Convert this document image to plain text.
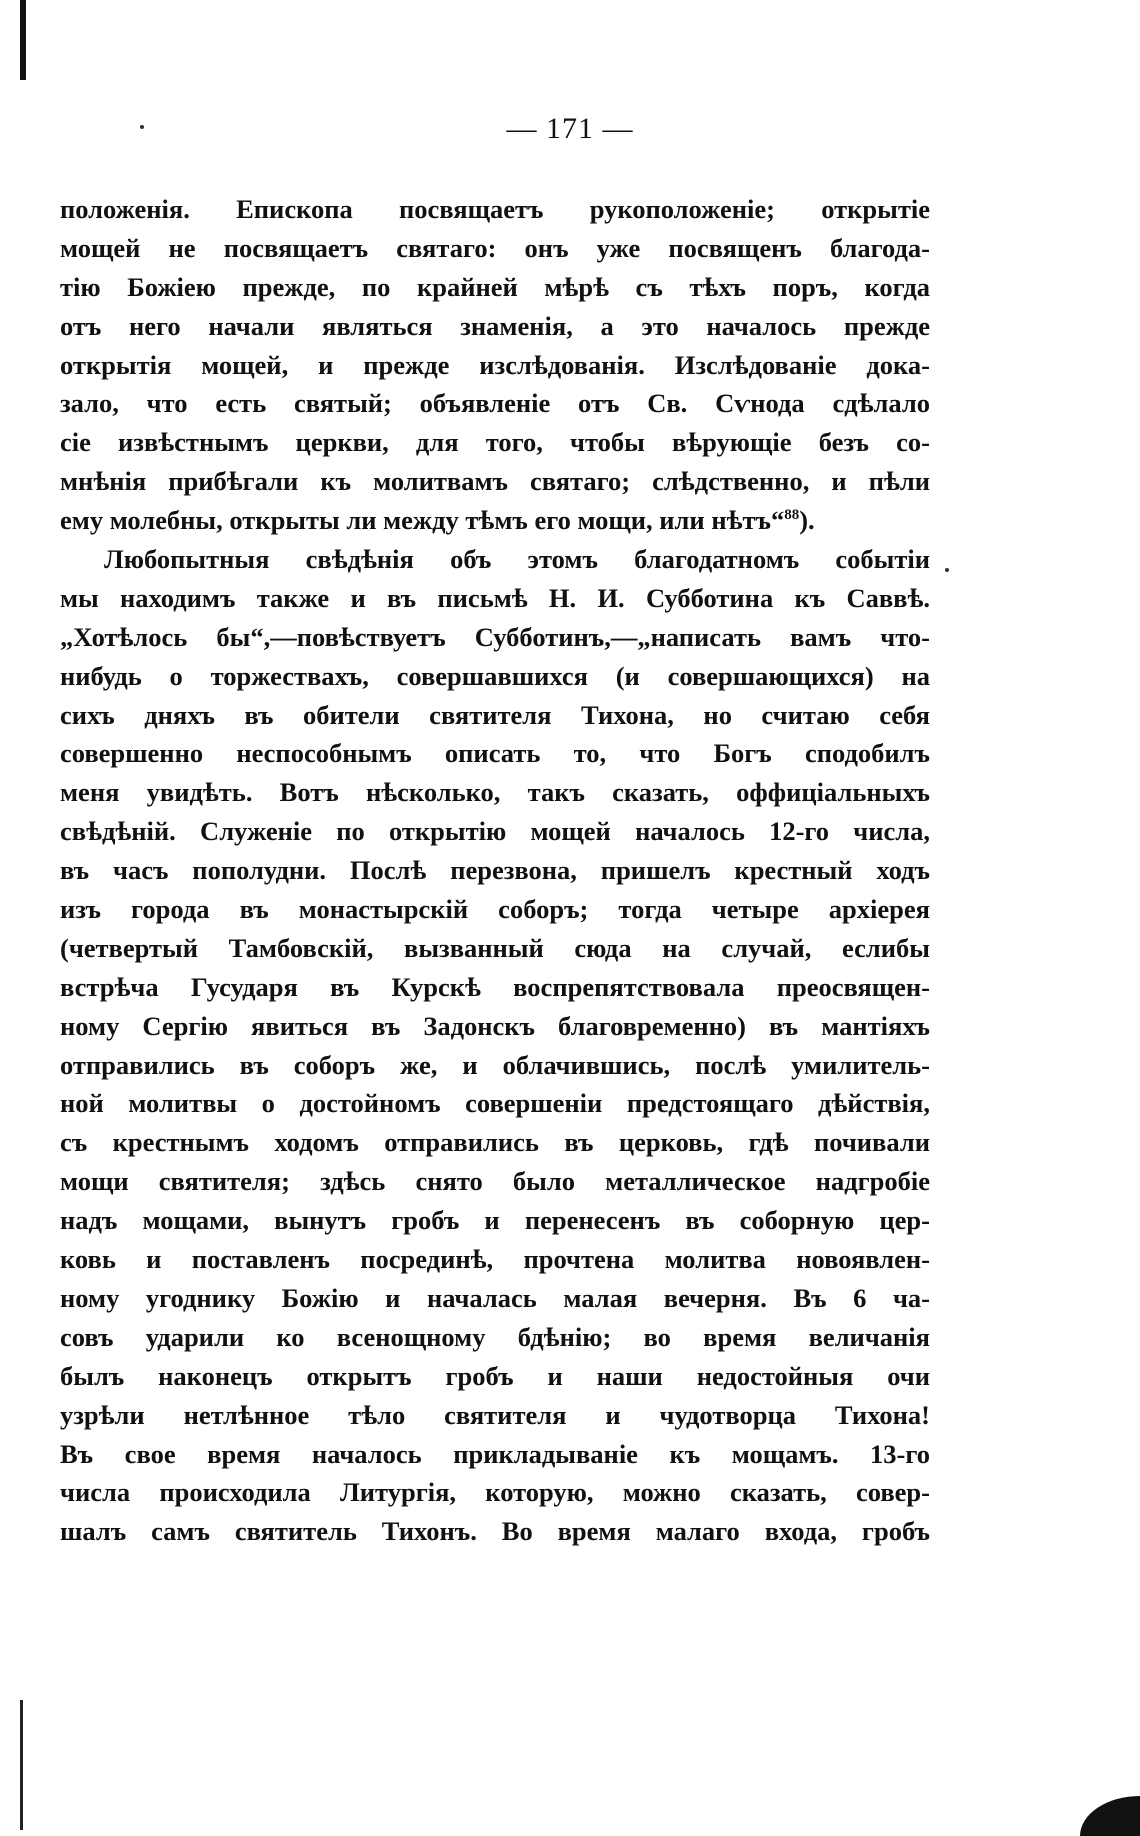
— 171 —
положенія. Епископа посвящаетъ рукоположеніе; открытіе
мощей не посвящаетъ святаго: онъ уже посвященъ благода-
тію Божіею прежде, по крайней мѣрѣ съ тѣхъ поръ, когда
отъ него начали являться знаменія, а это началось прежде
открытія мощей, и прежде изслѣдованія. Изслѣдованіе дока-
зало, что есть святый; объявленіе отъ Св. Сѵнода сдѣлало
сіе извѣстнымъ церкви, для того, чтобы вѣрующіе безъ со-
мнѣнія прибѣгали къ молитвамъ святаго; слѣдственно, и пѣли
ему молебны, открыты ли между тѣмъ его мощи, или нѣтъ“$^{88}$).
Любопытныя свѣдѣнія объ этомъ благодатномъ событіи
мы находимъ также и въ письмѣ Н. И. Субботина къ Саввѣ.
„Хотѣлось бы“,—повѣствуетъ Субботинъ,—„написать вамъ что-
нибудь о торжествахъ, совершавшихся (и совершающихся) на
сихъ дняхъ въ обители святителя Тихона, но считаю себя
совершенно неспособнымъ описать то, что Богъ сподобилъ
меня увидѣть. Вотъ нѣсколько, такъ сказать, оффиціальныхъ
свѣдѣній. Служеніе по открытію мощей началось 12-го числа,
въ часъ пополудни. Послѣ перезвона, пришелъ крестный ходъ
изъ города въ монастырскій соборъ; тогда четыре архіерея
(четвертый Тамбовскій, вызванный сюда на случай, еслибы
встрѣча Гусударя въ Курскѣ воспрепятствовала преосвящен-
ному Сергію явиться въ Задонскъ благовременно) въ мантіяхъ
отправились въ соборъ же, и облачившись, послѣ умилитель-
ной молитвы о достойномъ совершеніи предстоящаго дѣйствія,
съ крестнымъ ходомъ отправились въ церковь, гдѣ почивали
мощи святителя; здѣсь снято было металлическое надгробіе
надъ мощами, вынутъ гробъ и перенесенъ въ соборную цер-
ковь и поставленъ посрединѣ, прочтена молитва новоявлен-
ному угоднику Божію и началась малая вечерня. Въ 6 ча-
совъ ударили ко всенощному бдѣнію; во время величанія
былъ наконецъ открытъ гробъ и наши недостойныя очи
узрѣли нетлѣнное тѣло святителя и чудотворца Тихона!
Въ свое время началось прикладываніе къ мощамъ. 13-го
числа происходила Литургія, которую, можно сказать, совер-
шалъ самъ святитель Тихонъ. Во время малаго входа, гробъ
